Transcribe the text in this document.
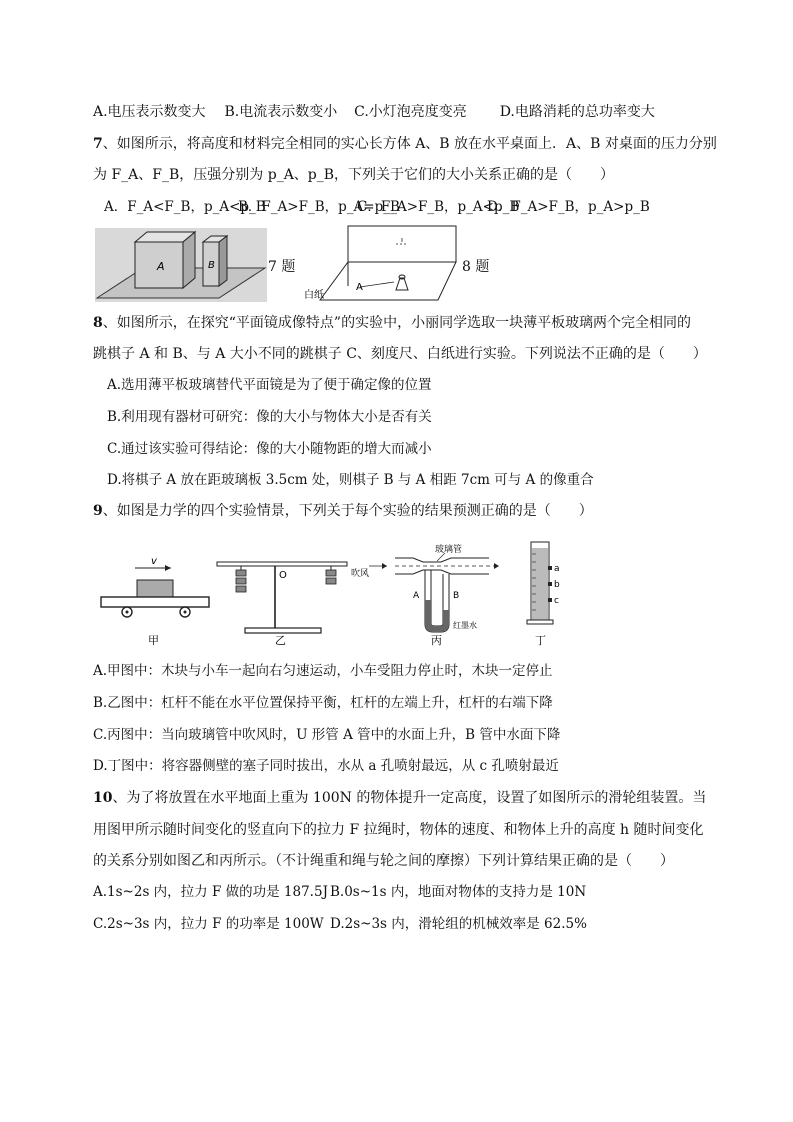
A.电压表示数变大 B.电流表示数变小 C.小灯泡亮度变亮 D.电路消耗的总功率变大
7、如图所示，将高度和材料完全相同的实心长方体 A、B 放在水平桌面上．A、B 对桌面的压力分别
为 F_A、F_B，压强分别为 p_A、p_B，下列关于它们的大小关系正确的是（　　）
A．F_A<F_B，p_A<p_B
B．F_A>F_B，p_A=p_B
C．F_A>F_B，p_A<p_B
D．F_A>F_B，p_A>p_B
A	B	7 题
白纸
A
8 题
8、如图所示，在探究“平面镜成像特点”的实验中，小丽同学选取一块薄平板玻璃两个完全相同的
跳棋子 A 和 B、与 A 大小不同的跳棋子 C、刻度尺、白纸进行实验。下列说法不正确的是（　　）
A.选用薄平板玻璃替代平面镜是为了便于确定像的位置
B.利用现有器材可研究：像的大小与物体大小是否有关
C.通过该实验可得结论：像的大小随物距的增大而减小
D.将棋子 A 放在距玻璃板 3.5cm 处，则棋子 B 与 A 相距 7cm 可与 A 的像重合
9、如图是力学的四个实验情景，下列关于每个实验的结果预测正确的是（　　）
v
甲
O
乙
吹风
玻璃管
A	B
红墨水
丙
a
b
c
丁
A.甲图中：木块与小车一起向右匀速运动，小车受阻力停止时，木块一定停止
B.乙图中：杠杆不能在水平位置保持平衡，杠杆的左端上升，杠杆的右端下降
C.丙图中：当向玻璃管中吹风时，U 形管 A 管中的水面上升，B 管中水面下降
D.丁图中：将容器侧壁的塞子同时拔出，水从 a 孔喷射最远，从 c 孔喷射最近
10、为了将放置在水平地面上重为 100N 的物体提升一定高度，设置了如图所示的滑轮组装置。当
用图甲所示随时间变化的竖直向下的拉力 F 拉绳时，物体的速度、和物体上升的高度 h 随时间变化
的关系分别如图乙和丙所示。（不计绳重和绳与轮之间的摩擦）下列计算结果正确的是（　　）
A.1s~2s 内，拉力 F 做的功是 187.5J B.0s~1s 内，地面对物体的支持力是 10N
C.2s~3s 内，拉力 F 的功率是 100W D.2s~3s 内，滑轮组的机械效率是 62.5%
